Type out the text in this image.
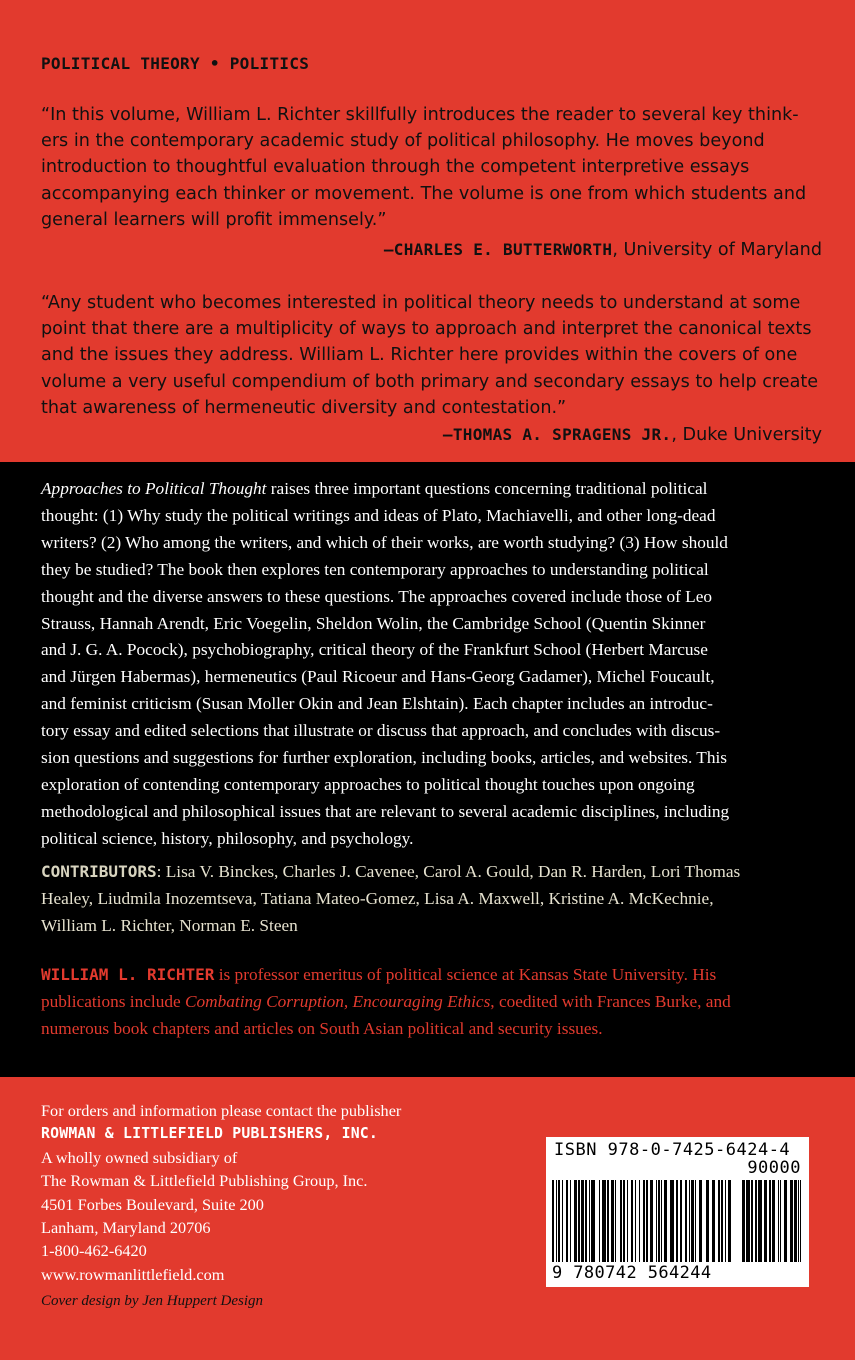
POLITICAL THEORY • POLITICS
“In this volume, William L. Richter skillfully introduces the reader to several key think-
ers in the contemporary academic study of political philosophy. He moves beyond
introduction to thoughtful evaluation through the competent interpretive essays
accompanying each thinker or movement. The volume is one from which students and
general learners will profit immensely.”
—CHARLES E. BUTTERWORTH, University of Maryland
“Any student who becomes interested in political theory needs to understand at some
point that there are a multiplicity of ways to approach and interpret the canonical texts
and the issues they address. William L. Richter here provides within the covers of one
volume a very useful compendium of both primary and secondary essays to help create
that awareness of hermeneutic diversity and contestation.”
—THOMAS A. SPRAGENS JR., Duke University
Approaches to Political Thought raises three important questions concerning traditional political
thought: (1) Why study the political writings and ideas of Plato, Machiavelli, and other long-dead
writers? (2) Who among the writers, and which of their works, are worth studying? (3) How should
they be studied? The book then explores ten contemporary approaches to understanding political
thought and the diverse answers to these questions. The approaches covered include those of Leo
Strauss, Hannah Arendt, Eric Voegelin, Sheldon Wolin, the Cambridge School (Quentin Skinner
and J. G. A. Pocock), psychobiography, critical theory of the Frankfurt School (Herbert Marcuse
and Jürgen Habermas), hermeneutics (Paul Ricoeur and Hans-Georg Gadamer), Michel Foucault,
and feminist criticism (Susan Moller Okin and Jean Elshtain). Each chapter includes an introduc-
tory essay and edited selections that illustrate or discuss that approach, and concludes with discus-
sion questions and suggestions for further exploration, including books, articles, and websites. This
exploration of contending contemporary approaches to political thought touches upon ongoing
methodological and philosophical issues that are relevant to several academic disciplines, including
political science, history, philosophy, and psychology.
CONTRIBUTORS: Lisa V. Binckes, Charles J. Cavenee, Carol A. Gould, Dan R. Harden, Lori Thomas
Healey, Liudmila Inozemtseva, Tatiana Mateo-Gomez, Lisa A. Maxwell, Kristine A. McKechnie,
William L. Richter, Norman E. Steen
WILLIAM L. RICHTER is professor emeritus of political science at Kansas State University. His
publications include Combating Corruption, Encouraging Ethics, coedited with Frances Burke, and
numerous book chapters and articles on South Asian political and security issues.
For orders and information please contact the publisher
ROWMAN & LITTLEFIELD PUBLISHERS, INC.
A wholly owned subsidiary of
The Rowman & Littlefield Publishing Group, Inc.
4501 Forbes Boulevard, Suite 200
Lanham, Maryland 20706
1-800-462-6420
www.rowmanlittlefield.com
Cover design by Jen Huppert Design
ISBN 978-0-7425-6424-4
90000
9 780742 564244
